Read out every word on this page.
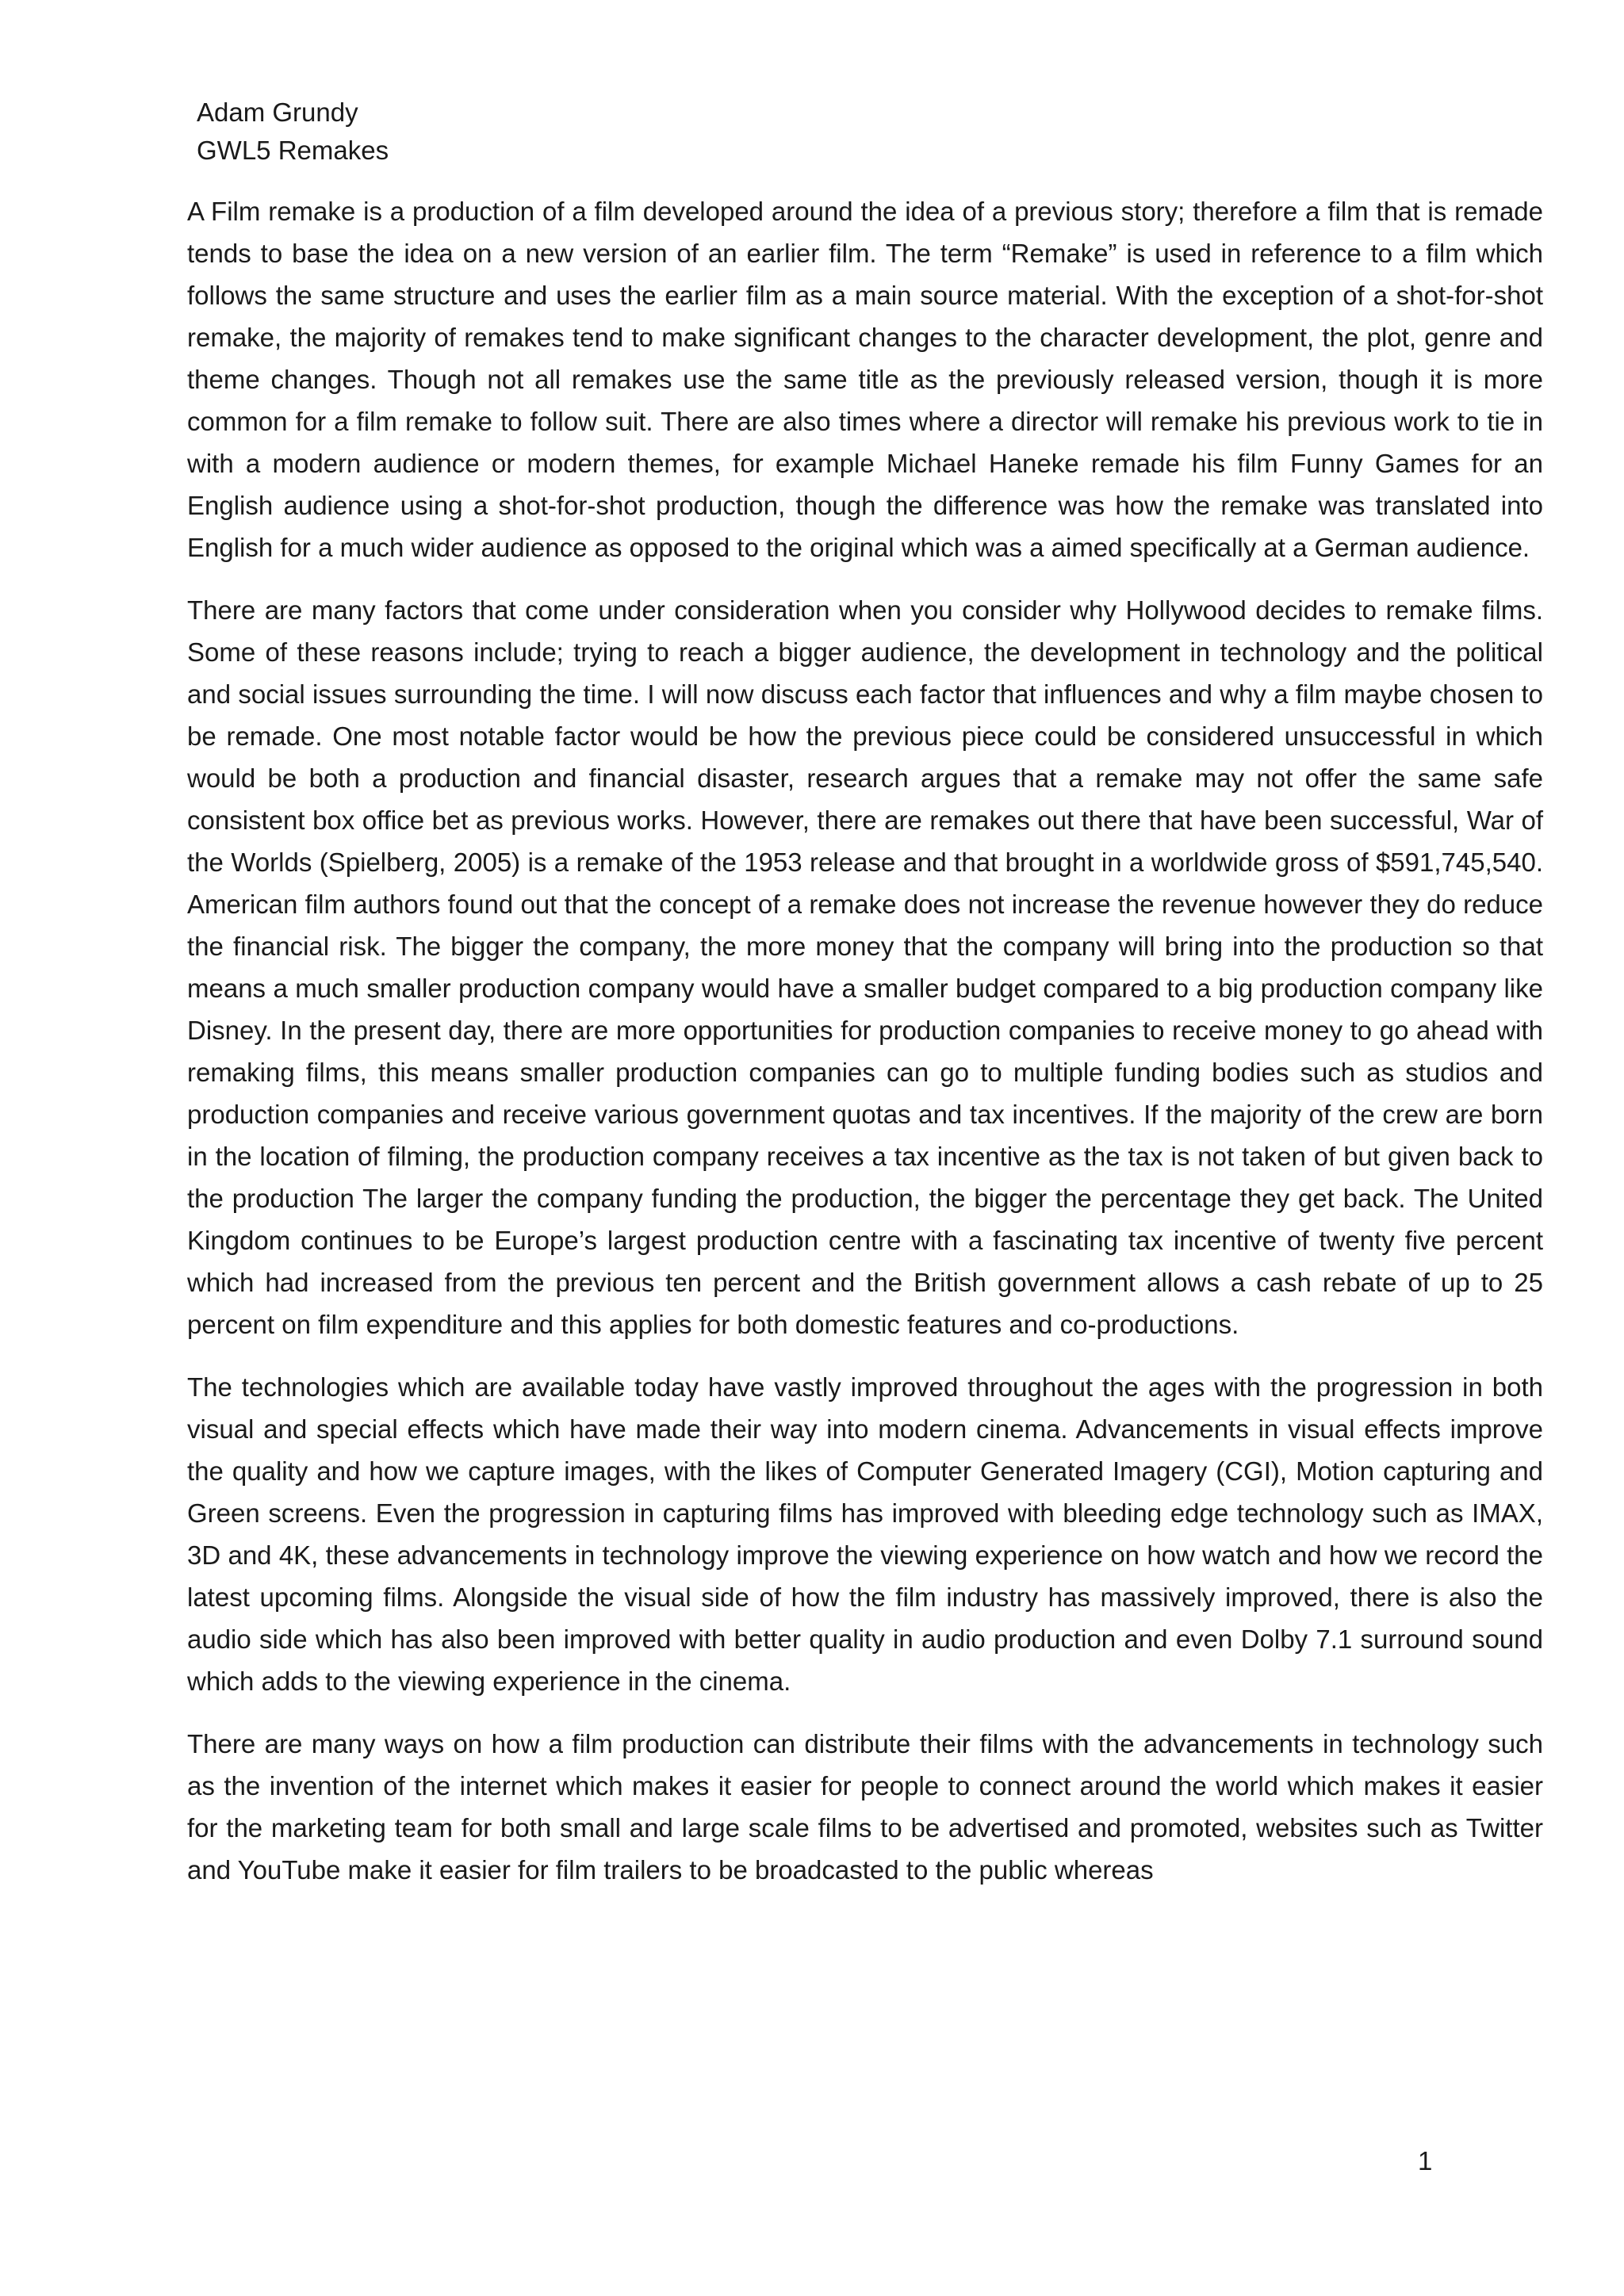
Adam Grundy
GWL5 Remakes

A Film remake is a production of a film developed around the idea of a previous story; therefore a film that is remade tends to base the idea on a new version of an earlier film. The term “Remake” is used in reference to a film which follows the same structure and uses the earlier film as a main source material. With the exception of a shot-for-shot remake, the majority of remakes tend to make significant changes to the character development, the plot, genre and theme changes. Though not all remakes use the same title as the previously released version, though it is more common for a film remake to follow suit. There are also times where a director will remake his previous work to tie in with a modern audience or modern themes, for example Michael Haneke remade his film Funny Games for an English audience using a shot-for-shot production, though the difference was how the remake was translated into English for a much wider audience as opposed to the original which was a aimed specifically at a German audience.

There are many factors that come under consideration when you consider why Hollywood decides to remake films. Some of these reasons include; trying to reach a bigger audience, the development in technology and the political and social issues surrounding the time. I will now discuss each factor that influences and why a film maybe chosen to be remade. One most notable factor would be how the previous piece could be considered unsuccessful in which would be both a production and financial disaster, research argues that a remake may not offer the same safe consistent box office bet as previous works. However, there are remakes out there that have been successful, War of the Worlds (Spielberg, 2005) is a remake of the 1953 release and that brought in a worldwide gross of $591,745,540. American film authors found out that the concept of a remake does not increase the revenue however they do reduce the financial risk. The bigger the company, the more money that the company will bring into the production so that means a much smaller production company would have a smaller budget compared to a big production company like Disney. In the present day, there are more opportunities for production companies to receive money to go ahead with remaking films, this means smaller production companies can go to multiple funding bodies such as studios and production companies and receive various government quotas and tax incentives. If the majority of the crew are born in the location of filming, the production company receives a tax incentive as the tax is not taken of but given back to the production The larger the company funding the production, the bigger the percentage they get back. The United Kingdom continues to be Europe’s largest production centre with a fascinating tax incentive of twenty five percent which had increased from the previous ten percent and the British government allows a cash rebate of up to 25 percent on film expenditure and this applies for both domestic features and co-productions.

The technologies which are available today have vastly improved throughout the ages with the progression in both visual and special effects which have made their way into modern cinema. Advancements in visual effects improve the quality and how we capture images, with the likes of Computer Generated Imagery (CGI), Motion capturing and Green screens. Even the progression in capturing films has improved with bleeding edge technology such as IMAX, 3D and 4K, these advancements in technology improve the viewing experience on how watch and how we record the latest upcoming films. Alongside the visual side of how the film industry has massively improved, there is also the audio side which has also been improved with better quality in audio production and even Dolby 7.1 surround sound which adds to the viewing experience in the cinema.

There are many ways on how a film production can distribute their films with the advancements in technology such as the invention of the internet which makes it easier for people to connect around the world which makes it easier for the marketing team for both small and large scale films to be advertised and promoted, websites such as Twitter and YouTube make it easier for film trailers to be broadcasted to the public whereas

1
